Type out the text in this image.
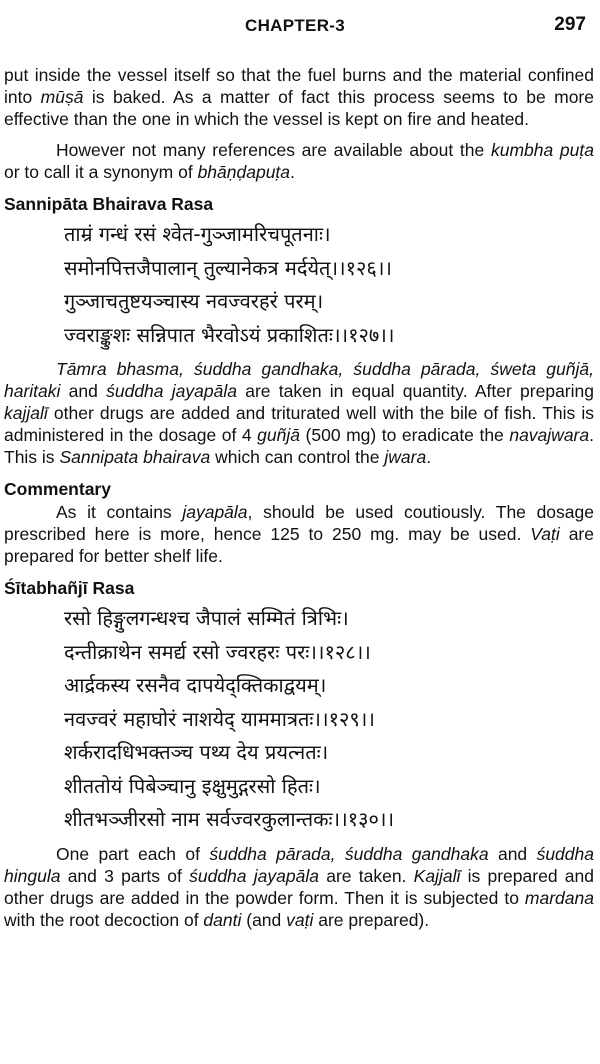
CHAPTER-3	297

put inside the vessel itself so that the fuel burns and the material confined into mūṣā is baked. As a matter of fact this process seems to be more effective than the one in which the vessel is kept on fire and heated.

However not many references are available about the kumbha puṭa or to call it a synonym of bhāṇḍapuṭa.

Sannipāta Bhairava Rasa
ताम्रं गन्धं रसं श्वेत-गुञ्जामरिचपूतनाः।
समोनपित्तजैपालान् तुल्यानेकत्र मर्दयेत्।।१२६।।
गुञ्जाचतुष्टयञ्चास्य नवज्वरहरं परम्।
ज्वराङ्कुशः सन्निपात भैरवोऽयं प्रकाशितः।।१२७।।

Tāmra bhasma, śuddha gandhaka, śuddha pārada, śweta guñjā, haritaki and śuddha jayapāla are taken in equal quantity. After preparing kajjalī other drugs are added and triturated well with the bile of fish. This is administered in the dosage of 4 guñjā (500 mg) to eradicate the navajwara. This is Sannipata bhairava which can control the jwara.

Commentary

As it contains jayapāla, should be used coutiously. The dosage prescribed here is more, hence 125 to 250 mg. may be used. Vaṭi are prepared for better shelf life.

Śītabhañjī Rasa
रसो हिङ्गुलगन्धश्च जैपालं सम्मितं त्रिभिः।
दन्तीक्राथेन समर्द्य रसो ज्वरहरः परः।।१२८।।
आर्द्रकस्य रसनैव दापयेद्क्तिकाद्वयम्।
नवज्वरं महाघोरं नाशयेद् याममात्रतः।।१२९।।
शर्करादधिभक्तञ्च पथ्य देय प्रयत्नतः।
शीततोयं पिबेञ्चानु इक्षुमुद्गरसो हितः।
शीतभञ्जीरसो नाम सर्वज्वरकुलान्तकः।।१३०।।

One part each of śuddha pārada, śuddha gandhaka and śuddha hingula and 3 parts of śuddha jayapāla are taken. Kajjalī is prepared and other drugs are added in the powder form. Then it is subjected to mardana with the root decoction of danti (and vaṭi are prepared).
